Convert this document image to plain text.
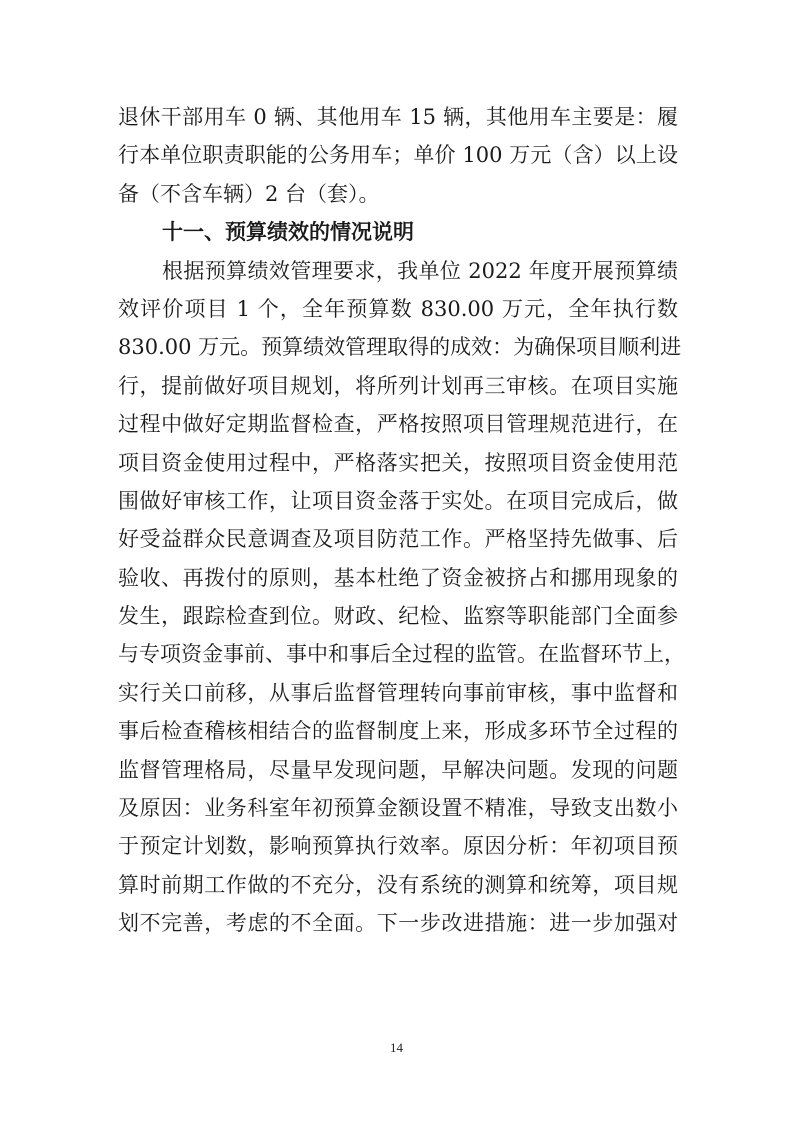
退休干部用车 0 辆、其他用车 15 辆，其他用车主要是：履
行本单位职责职能的公务用车；单价 100 万元（含）以上设
备（不含车辆）2 台（套）。
十一、预算绩效的情况说明
根据预算绩效管理要求，我单位 2022 年度开展预算绩
效评价项目 1 个，全年预算数 830.00 万元，全年执行数
830.00 万元。预算绩效管理取得的成效：为确保项目顺利进
行，提前做好项目规划，将所列计划再三审核。在项目实施
过程中做好定期监督检查，严格按照项目管理规范进行，在
项目资金使用过程中，严格落实把关，按照项目资金使用范
围做好审核工作，让项目资金落于实处。在项目完成后，做
好受益群众民意调查及项目防范工作。严格坚持先做事、后
验收、再拨付的原则，基本杜绝了资金被挤占和挪用现象的
发生，跟踪检查到位。财政、纪检、监察等职能部门全面参
与专项资金事前、事中和事后全过程的监管。在监督环节上，
实行关口前移，从事后监督管理转向事前审核，事中监督和
事后检查稽核相结合的监督制度上来，形成多环节全过程的
监督管理格局，尽量早发现问题，早解决问题。发现的问题
及原因：业务科室年初预算金额设置不精准，导致支出数小
于预定计划数，影响预算执行效率。原因分析：年初项目预
算时前期工作做的不充分，没有系统的测算和统筹，项目规
划不完善，考虑的不全面。下一步改进措施：进一步加强对
14
